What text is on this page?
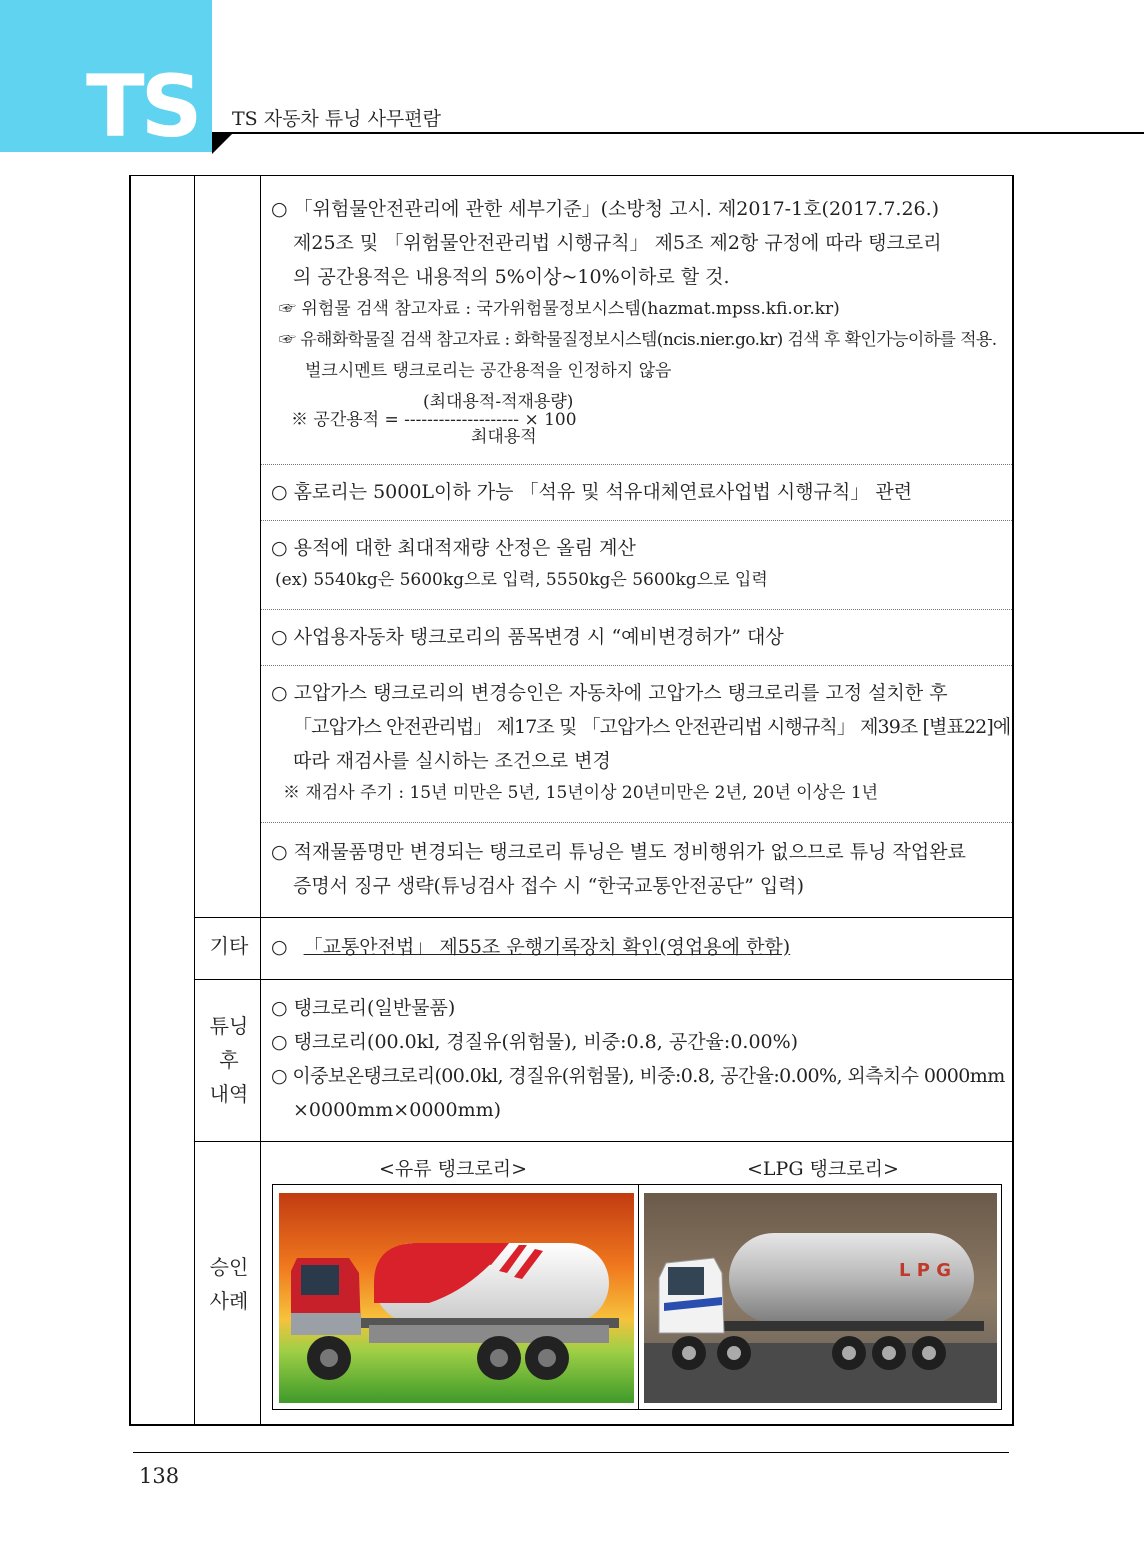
TS TS 자동차 튜닝 사무편람
○ 「위험물안전관리에 관한 세부기준」(소방청 고시. 제2017-1호(2017.7.26.)
제25조 및 「위험물안전관리법 시행규칙」 제5조 제2항 규정에 따라 탱크로리
의 공간용적은 내용적의 5%이상~10%이하로 할 것.
☞ 위험물 검색 참고자료 : 국가위험물정보시스템(hazmat.mpss.kfi.or.kr)
☞ 유해화학물질 검색 참고자료 : 화학물질정보시스템(ncis.nier.go.kr) 검색 후 확인가능이하를 적용.
벌크시멘트 탱크로리는 공간용적을 인정하지 않음
(최대용적-적재용량)
※ 공간용적 = -------------------- × 100
최대용적
○ 홈로리는 5000L이하 가능 「석유 및 석유대체연료사업법 시행규칙」 관련
○ 용적에 대한 최대적재량 산정은 올림 계산
(ex) 5540kg은 5600kg으로 입력, 5550kg은 5600kg으로 입력
○ 사업용자동차 탱크로리의 품목변경 시 “예비변경허가” 대상
○ 고압가스 탱크로리의 변경승인은 자동차에 고압가스 탱크로리를 고정 설치한 후
「고압가스 안전관리법」 제17조 및 「고압가스 안전관리법 시행규칙」 제39조 [별표22]에
따라 재검사를 실시하는 조건으로 변경
※ 재검사 주기 : 15년 미만은 5년, 15년이상 20년미만은 2년, 20년 이상은 1년
○ 적재물품명만 변경되는 탱크로리 튜닝은 별도 정비행위가 없으므로 튜닝 작업완료
증명서 징구 생략(튜닝검사 접수 시 “한국교통안전공단” 입력)
기타	○ 「교통안전법」 제55조 운행기록장치 확인(영업용에 한함)
튜닝
후
내역
○ 탱크로리(일반물품)
○ 탱크로리(00.0kl, 경질유(위험물), 비중:0.8, 공간율:0.00%)
○ 이중보온탱크로리(00.0kl, 경질유(위험물), 비중:0.8, 공간율:0.00%, 외측치수 0000mm
×0000mm×0000mm)
승인
사례
<유류 탱크로리>	<LPG 탱크로리>
L P G
138
